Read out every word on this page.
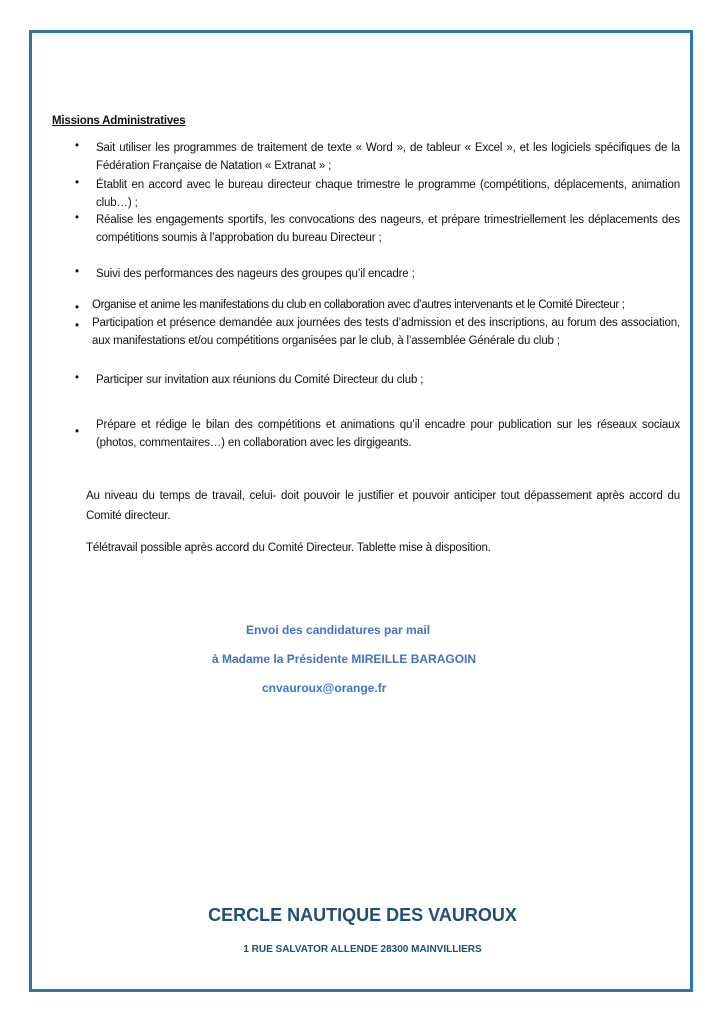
Missions Administratives
• Sait utiliser les programmes de traitement de texte « Word », de tableur « Excel », et les logiciels spécifiques de la Fédération Française de Natation « Extranat » ;
• Établit en accord avec le bureau directeur chaque trimestre le programme (compétitions, déplacements, animation club…) ;
• Réalise les engagements sportifs, les convocations des nageurs, et prépare trimestriellement les déplacements des compétitions soumis à l’approbation du bureau Directeur ;
• Suivi des performances des nageurs des groupes qu’il encadre ;
• Organise et anime les manifestations du club en collaboration avec d’autres intervenants et le Comité Directeur ;
• Participation et présence demandée aux journées des tests d’admission et des inscriptions, au forum des association, aux manifestations et/ou compétitions organisées par le club, à l’assemblée Générale du club ;
• Participer sur invitation aux réunions du Comité Directeur du club ;
•
Prépare et rédige le bilan des compétitions et animations qu’il encadre pour publication sur les réseaux sociaux (photos, commentaires…) en collaboration avec les dirgigeants.
Au niveau du temps de travail, celui- doit pouvoir le justifier et pouvoir anticiper tout dépassement après accord du Comité directeur.
Télétravail possible après accord du Comité Directeur. Tablette mise à disposition.
Envoi des candidatures par mail
à Madame la Présidente MIREILLE BARAGOIN
cnvauroux@orange.fr
CERCLE NAUTIQUE DES VAUROUX
1 RUE SALVATOR ALLENDE 28300 MAINVILLIERS
